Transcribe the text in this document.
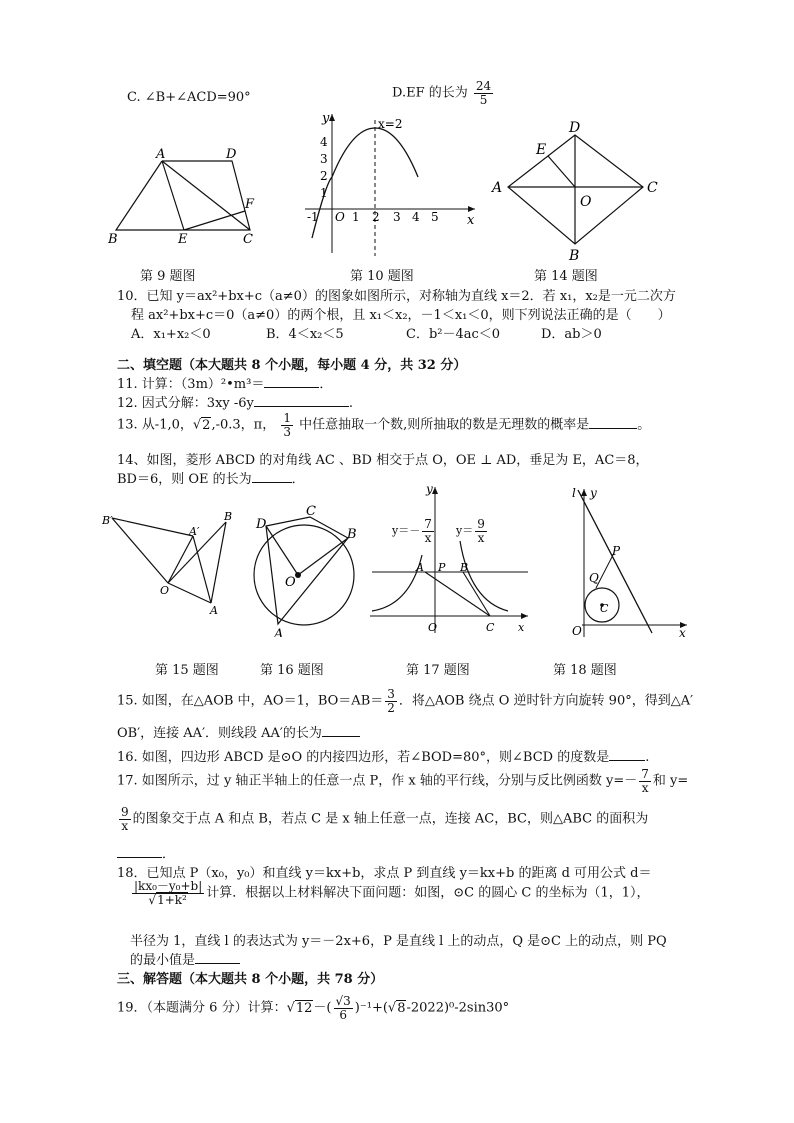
C. ∠B+∠ACD=90°	D.EF 的长为 $\frac{24}{5}$
A	D
F
B	E	C
第 9 题图
y
x
O
x=2
4
3
2
1
-1	1 2 3 4 5
第 10 题图
D
E
A	C
O
B
第 14 题图
10．已知 y＝ax²+bx+c（a≠0）的图象如图所示，对称轴为直线 x＝2．若 x₁，x₂是一元二次方
程 ax²+bx+c＝0（a≠0）的两个根，且 x₁＜x₂，－1＜x₁＜0，则下列说法正确的是（　　）
A．x₁+x₂＜0	B．4＜x₂＜5	C．b²－4ac＜0	D．ab＞0
二、填空题（本大题共 8 个小题，每小题 4 分，共 32 分）
11. 计算：（3m）²•m³＝	．
12. 因式分解：3xy -6y	.
13. 从-1,0，√2,-0.3，π， $\frac{1}{3}$ 中任意抽取一个数,则所抽取的数是无理数的概率是	。
14、如图，菱形 ABCD 的对角线 AC 、BD 相交于点 O，OE ⊥ AD，垂足为 E，AC＝8，
BD＝6，则 OE 的长为	．
B′
A′
B
O
A
第 15 题图
D
C
B
O
A
第 16 题图
y
A P B
O	C x
$y=- \frac{7}{x} y= \frac{9}{x}$
第 17 题图
l y
P
Q
C
O	x
第 18 题图
15. 如图，在△AOB 中，AO＝1，$BO=AB= \frac{3}{2}$ ．将△AOB 绕点 O 逆时针方向旋转 90°，得到△A′
OB′，连接 AA′．则线段 AA′的长为
16. 如图，四边形 ABCD 是⊙O 的内接四边形，若∠BOD=80°，则∠BCD 的度数是	.
17. 如图所示，过 y 轴正半轴上的任意一点 P，作 x 轴的平行线，分别与反比例函数 $y=- \frac{7}{x}$ 和 y=
$\frac{9}{x}$ 的图象交于点 A 和点 B，若点 C 是 x 轴上任意一点，连接 AC，BC，则△ABC 的面积为
．
18．已知点 P（x₀，y₀）和直线 y＝kx+b，求点 P 到直线 y＝kx+b 的距离 d 可用公式 d＝
$\frac{\text{|kx₀－y₀+b|}}{\text{√1+k²}}$ 计算．根据以上材料解决下面问题：如图，⊙C 的圆心 C 的坐标为（1，1），
半径为 1，直线 l 的表达式为 y＝－2x+6，P 是直线 l 上的动点，Q 是⊙C 上的动点，则 PQ
的最小值是
三、解答题（本大题共 8 个小题，共 78 分）
19．（本题满分 6 分）计算：$√12-( \frac{√3}{6} )^{-1}+(√8-2022)^0-2\sin 30^\circ$
